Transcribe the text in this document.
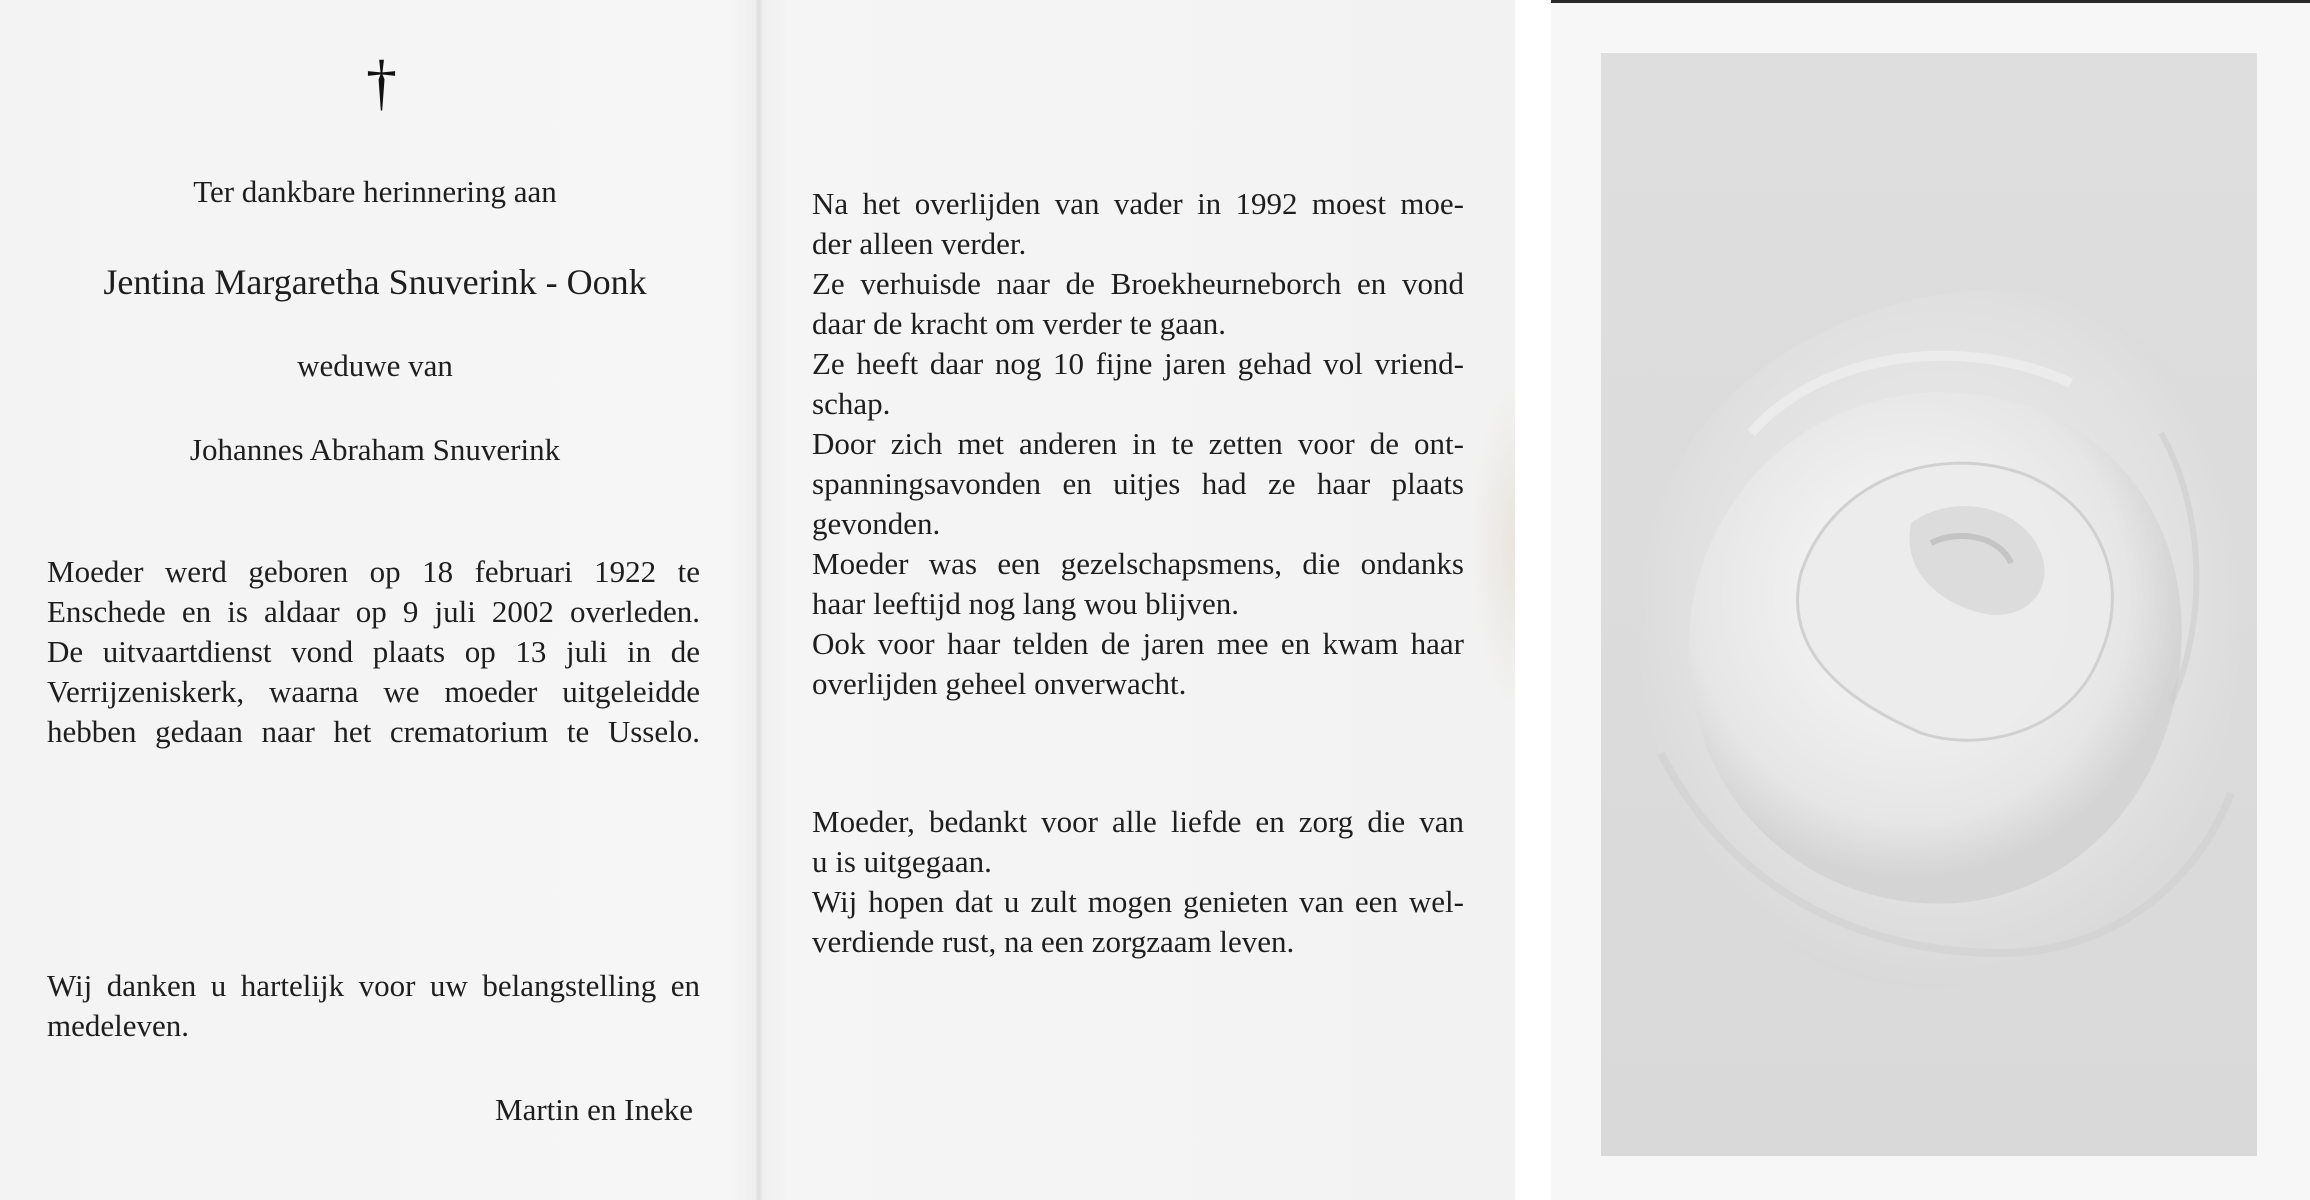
†

Ter dankbare herinnering aan

Jentina Margaretha Snuverink - Oonk

weduwe van

Johannes Abraham Snuverink

Moeder werd geboren op 18 februari 1922 te
Enschede en is aldaar op 9 juli 2002 overleden.
De uitvaartdienst vond plaats op 13 juli in de
Verrijzeniskerk, waarna we moeder uitgeleidde
hebben gedaan naar het crematorium te Usselo.
Wij danken u hartelijk voor uw belangstelling en
medeleven.

Martin en Ineke

Na het overlijden van vader in 1992 moest moe-
der alleen verder.
Ze verhuisde naar de Broekheurneborch en vond
daar de kracht om verder te gaan.
Ze heeft daar nog 10 fijne jaren gehad vol vriend-
schap.
Door zich met anderen in te zetten voor de ont-
spanningsavonden en uitjes had ze haar plaats
gevonden.
Moeder was een gezelschapsmens, die ondanks
haar leeftijd nog lang wou blijven.
Ook voor haar telden de jaren mee en kwam haar
overlijden geheel onverwacht.
Moeder, bedankt voor alle liefde en zorg die van
u is uitgegaan.
Wij hopen dat u zult mogen genieten van een wel-
verdiende rust, na een zorgzaam leven.
